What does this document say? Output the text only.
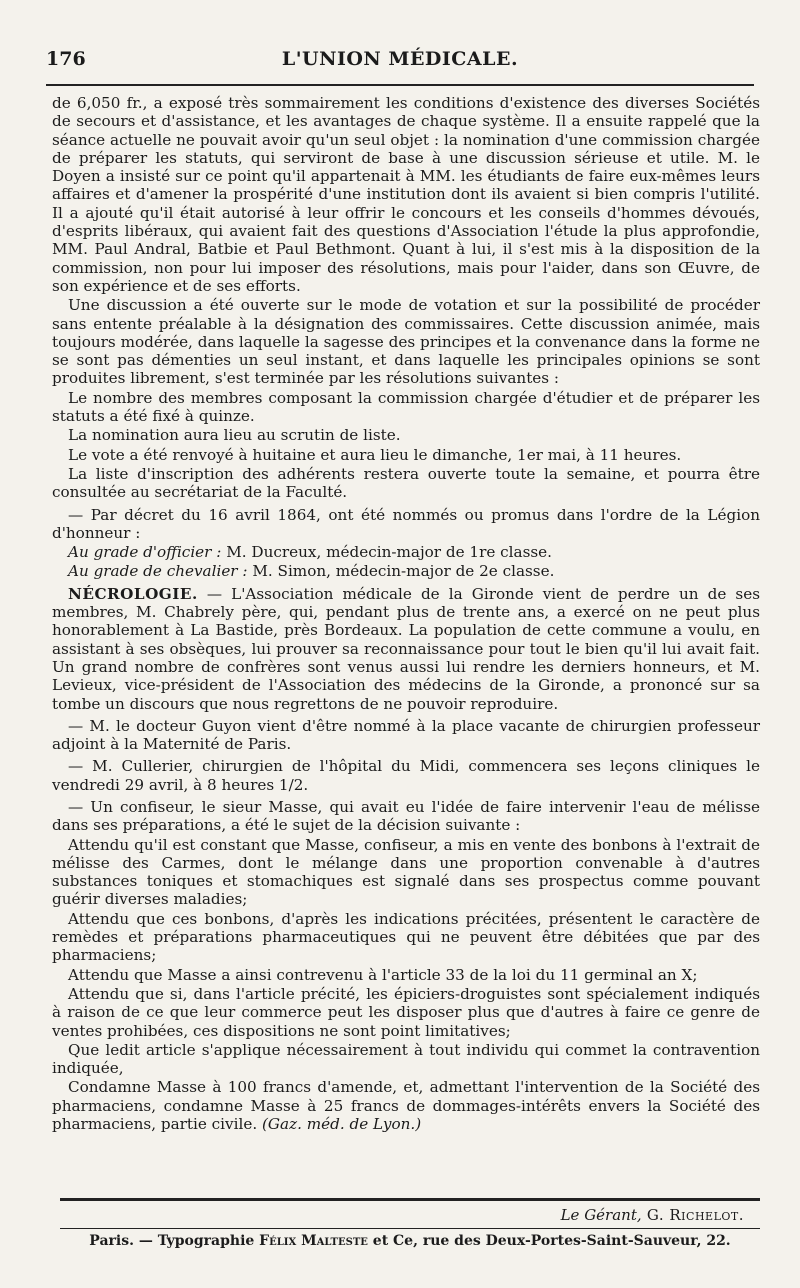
176	L'UNION MÉDICALE.

de 6,050 fr., a exposé très sommairement les conditions d'existence des diverses Sociétés de secours et d'assistance, et les avantages de chaque système. Il a ensuite rappelé que la séance actuelle ne pouvait avoir qu'un seul objet : la nomination d'une commission chargée de préparer les statuts, qui serviront de base à une discussion sérieuse et utile. M. le Doyen a insisté sur ce point qu'il appartenait à MM. les étudiants de faire eux-mêmes leurs affaires et d'amener la prospérité d'une institution dont ils avaient si bien compris l'utilité. Il a ajouté qu'il était autorisé à leur offrir le concours et les conseils d'hommes dévoués, d'esprits libéraux, qui avaient fait des questions d'Association l'étude la plus approfondie, MM. Paul Andral, Batbie et Paul Bethmont. Quant à lui, il s'est mis à la disposition de la commission, non pour lui imposer des résolutions, mais pour l'aider, dans son Œuvre, de son expérience et de ses efforts.

Une discussion a été ouverte sur le mode de votation et sur la possibilité de procéder sans entente préalable à la désignation des commissaires. Cette discussion animée, mais toujours modérée, dans laquelle la sagesse des principes et la convenance dans la forme ne se sont pas démenties un seul instant, et dans laquelle les principales opinions se sont produites librement, s'est terminée par les résolutions suivantes :

Le nombre des membres composant la commission chargée d'étudier et de préparer les statuts a été fixé à quinze.

La nomination aura lieu au scrutin de liste.

Le vote a été renvoyé à huitaine et aura lieu le dimanche, 1er mai, à 11 heures.

La liste d'inscription des adhérents restera ouverte toute la semaine, et pourra être consultée au secrétariat de la Faculté.

— Par décret du 16 avril 1864, ont été nommés ou promus dans l'ordre de la Légion d'honneur :

Au grade d'officier : M. Ducreux, médecin-major de 1re classe.

Au grade de chevalier : M. Simon, médecin-major de 2e classe.

NÉCROLOGIE. — L'Association médicale de la Gironde vient de perdre un de ses membres, M. Chabrely père, qui, pendant plus de trente ans, a exercé on ne peut plus honorablement à La Bastide, près Bordeaux. La population de cette commune a voulu, en assistant à ses obsèques, lui prouver sa reconnaissance pour tout le bien qu'il lui avait fait. Un grand nombre de confrères sont venus aussi lui rendre les derniers honneurs, et M. Levieux, vice-président de l'Association des médecins de la Gironde, a prononcé sur sa tombe un discours que nous regrettons de ne pouvoir reproduire.

— M. le docteur Guyon vient d'être nommé à la place vacante de chirurgien professeur adjoint à la Maternité de Paris.

— M. Cullerier, chirurgien de l'hôpital du Midi, commencera ses leçons cliniques le vendredi 29 avril, à 8 heures 1/2.

— Un confiseur, le sieur Masse, qui avait eu l'idée de faire intervenir l'eau de mélisse dans ses préparations, a été le sujet de la décision suivante :

Attendu qu'il est constant que Masse, confiseur, a mis en vente des bonbons à l'extrait de mélisse des Carmes, dont le mélange dans une proportion convenable à d'autres substances toniques et stomachiques est signalé dans ses prospectus comme pouvant guérir diverses maladies;

Attendu que ces bonbons, d'après les indications précitées, présentent le caractère de remèdes et préparations pharmaceutiques qui ne peuvent être débitées que par des pharmaciens;

Attendu que Masse a ainsi contrevenu à l'article 33 de la loi du 11 germinal an X;

Attendu que si, dans l'article précité, les épiciers-droguistes sont spécialement indiqués à raison de ce que leur commerce peut les disposer plus que d'autres à faire ce genre de ventes prohibées, ces dispositions ne sont point limitatives;

Que ledit article s'applique nécessairement à tout individu qui commet la contravention indiquée,

Condamne Masse à 100 francs d'amende, et, admettant l'intervention de la Société des pharmaciens, condamne Masse à 25 francs de dommages-intérêts envers la Société des pharmaciens, partie civile. (Gaz. méd. de Lyon.)

Le Gérant, G. Richelot.
Paris. — Typographie Félix Malteste et Ce, rue des Deux-Portes-Saint-Sauveur, 22.
